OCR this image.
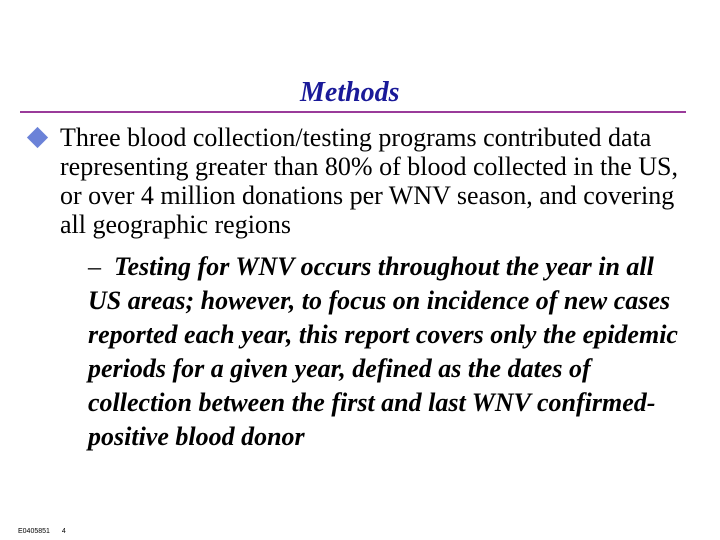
Methods

Three blood collection/testing programs contributed data representing greater than 80% of blood collected in the US, or over 4 million donations per WNV season, and covering all geographic regions

– Testing for WNV occurs throughout the year in all US areas; however, to focus on incidence of new cases reported each year, this report covers only the epidemic periods for a given year, defined as the dates of collection between the first and last WNV confirmed-positive blood donor

E0405851 4
